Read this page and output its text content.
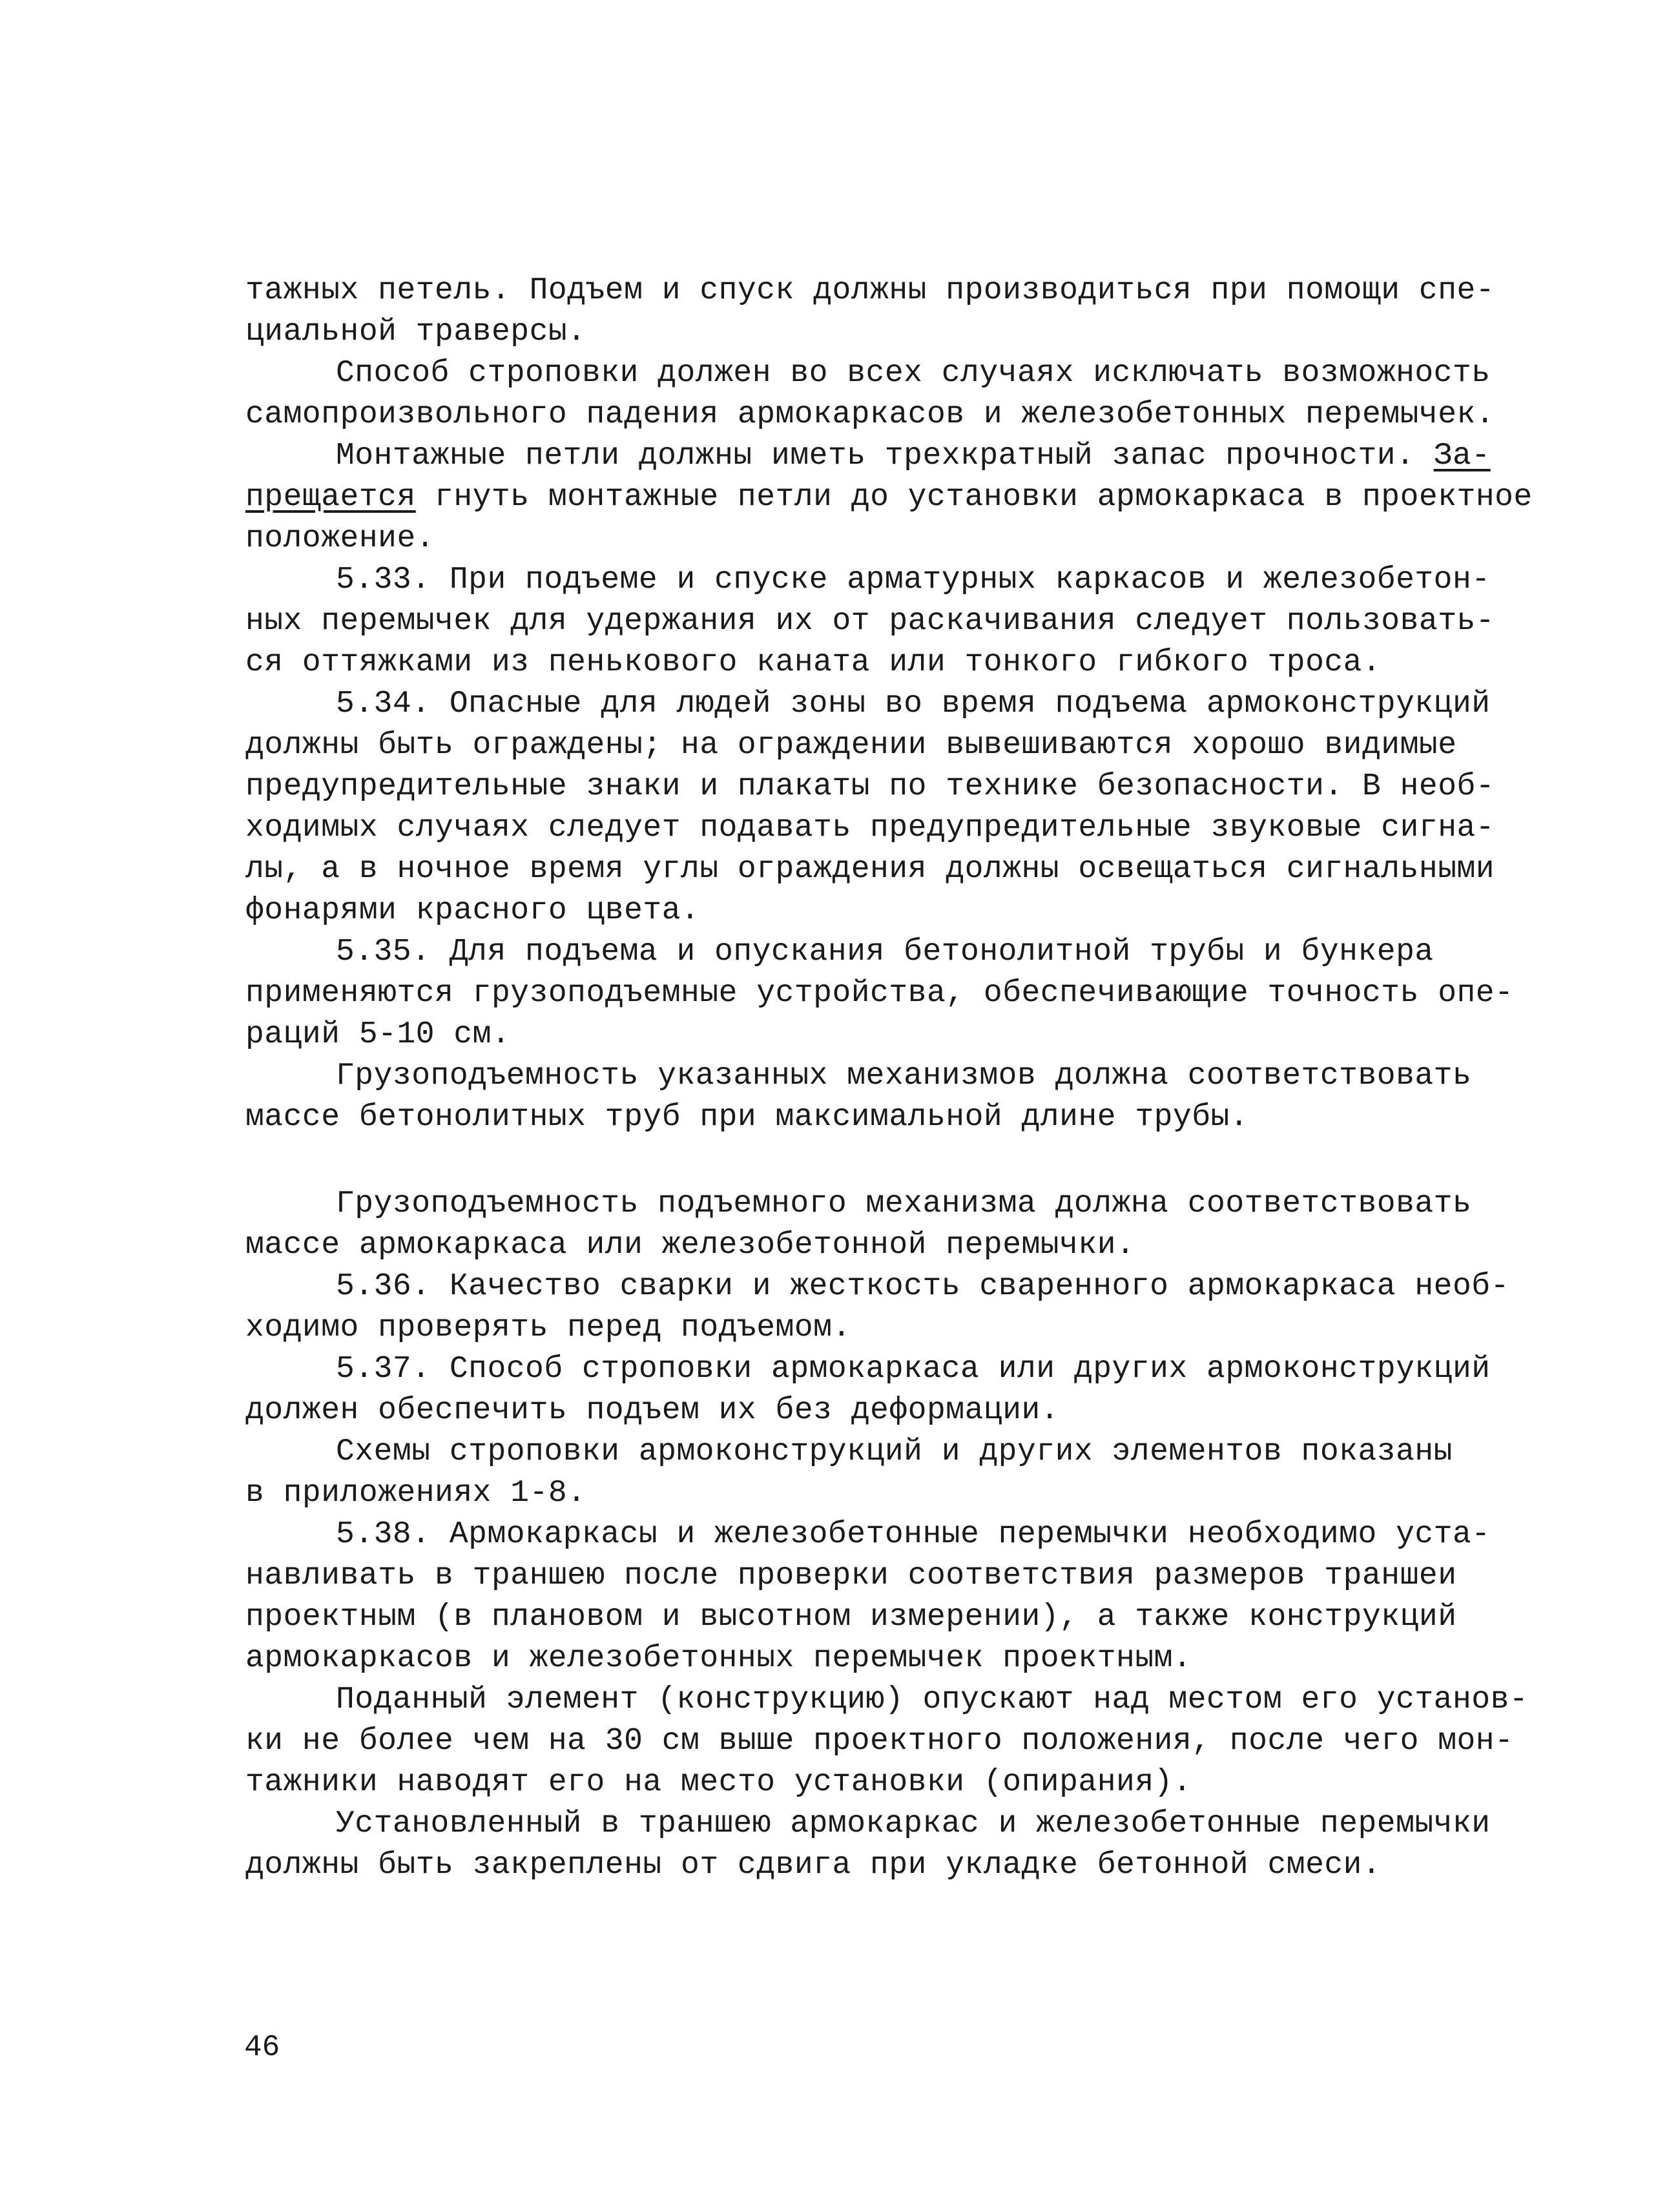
тажных петель. Подъем и спуск должны производиться при помощи спе-
циальной траверсы.
Способ строповки должен во всех случаях исключать возможность
самопроизвольного падения армокаркасов и железобетонных перемычек.
Монтажные петли должны иметь трехкратный запас прочности. За-
прещается гнуть монтажные петли до установки армокаркаса в проектное
положение.
5.33. При подъеме и спуске арматурных каркасов и железобетон-
ных перемычек для удержания их от раскачивания следует пользовать-
ся оттяжками из пенькового каната или тонкого гибкого троса.
5.34. Опасные для людей зоны во время подъема армоконструкций
должны быть ограждены; на ограждении вывешиваются хорошо видимые
предупредительные знаки и плакаты по технике безопасности. В необ-
ходимых случаях следует подавать предупредительные звуковые сигна-
лы, а в ночное время углы ограждения должны освещаться сигнальными
фонарями красного цвета.
5.35. Для подъема и опускания бетонолитной трубы и бункера
применяются грузоподъемные устройства, обеспечивающие точность опе-
раций 5-10 см.
Грузоподъемность указанных механизмов должна соответствовать
массе бетонолитных труб при максимальной длине трубы.
Грузоподъемность подъемного механизма должна соответствовать
массе армокаркаса или железобетонной перемычки.
5.36. Качество сварки и жесткость сваренного армокаркаса необ-
ходимо проверять перед подъемом.
5.37. Способ строповки армокаркаса или других армоконструкций
должен обеспечить подъем их без деформации.
Схемы строповки армоконструкций и других элементов показаны
в приложениях 1-8.
5.38. Армокаркасы и железобетонные перемычки необходимо уста-
навливать в траншею после проверки соответствия размеров траншеи
проектным (в плановом и высотном измерении), а также конструкций
армокаркасов и железобетонных перемычек проектным.
Поданный элемент (конструкцию) опускают над местом его установ-
ки не более чем на 30 см выше проектного положения, после чего мон-
тажники наводят его на место установки (опирания).
Установленный в траншею армокаркас и железобетонные перемычки
должны быть закреплены от сдвига при укладке бетонной смеси.
46
